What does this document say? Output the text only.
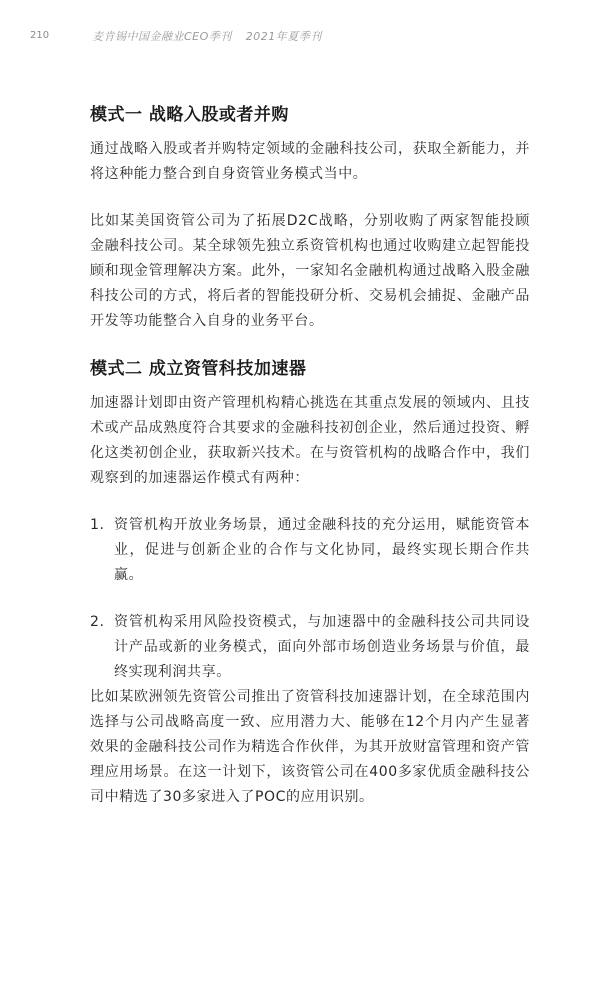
210	麦肯锡中国金融业CEO季刊 2021年夏季刊
模式一 战略入股或者并购

通过战略入股或者并购特定领域的金融科技公司，获取全新能力，并将这种能力整合到自身资管业务模式当中。

比如某美国资管公司为了拓展D2C战略，分别收购了两家智能投顾金融科技公司。某全球领先独立系资管机构也通过收购建立起智能投顾和现金管理解决方案。此外，一家知名金融机构通过战略入股金融科技公司的方式，将后者的智能投研分析、交易机会捕捉、金融产品开发等功能整合入自身的业务平台。

模式二 成立资管科技加速器

加速器计划即由资产管理机构精心挑选在其重点发展的领域内、且技术或产品成熟度符合其要求的金融科技初创企业，然后通过投资、孵化这类初创企业，获取新兴技术。在与资管机构的战略合作中，我们观察到的加速器运作模式有两种：

1. 资管机构开放业务场景，通过金融科技的充分运用，赋能资管本业，促进与创新企业的合作与文化协同，最终实现长期合作共赢。
2. 资管机构采用风险投资模式，与加速器中的金融科技公司共同设计产品或新的业务模式，面向外部市场创造业务场景与价值，最终实现利润共享。

比如某欧洲领先资管公司推出了资管科技加速器计划，在全球范围内选择与公司战略高度一致、应用潜力大、能够在12个月内产生显著效果的金融科技公司作为精选合作伙伴，为其开放财富管理和资产管理应用场景。在这一计划下，该资管公司在400多家优质金融科技公司中精选了30多家进入了POC的应用识别。
